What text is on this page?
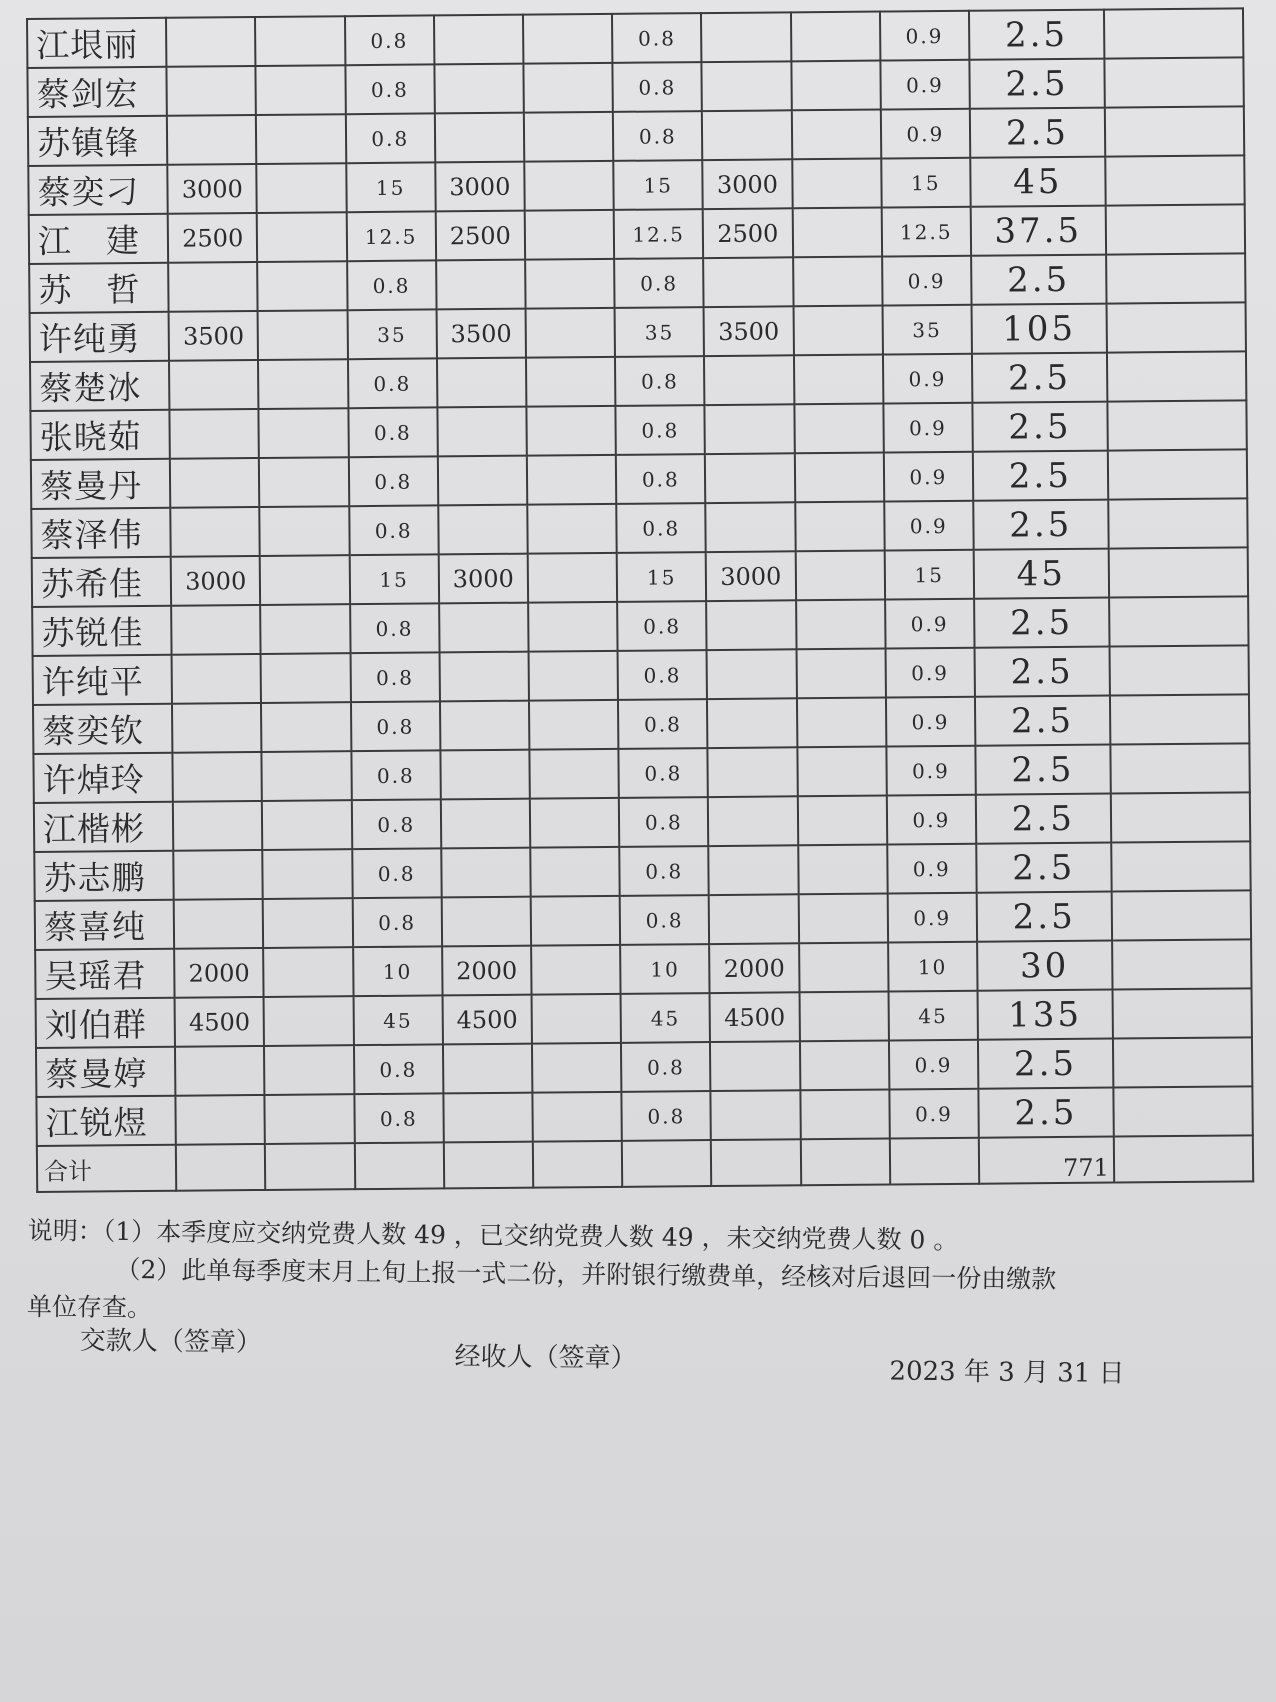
江垠丽			0.8			0.8			0.9	2.5	
蔡剑宏			0.8			0.8			0.9	2.5	
苏镇锋			0.8			0.8			0.9	2.5	
蔡奕刁	3000		15	3000		15	3000		15	45	
江　建	2500		12.5	2500		12.5	2500		12.5	37.5	
苏　哲			0.8			0.8			0.9	2.5	
许纯勇	3500		35	3500		35	3500		35	105	
蔡楚冰			0.8			0.8			0.9	2.5	
张晓茹			0.8			0.8			0.9	2.5	
蔡曼丹			0.8			0.8			0.9	2.5	
蔡泽伟			0.8			0.8			0.9	2.5	
苏希佳	3000		15	3000		15	3000		15	45	
苏锐佳			0.8			0.8			0.9	2.5	
许纯平			0.8			0.8			0.9	2.5	
蔡奕钦			0.8			0.8			0.9	2.5	
许焯玲			0.8			0.8			0.9	2.5	
江楷彬			0.8			0.8			0.9	2.5	
苏志鹏			0.8			0.8			0.9	2.5	
蔡喜纯			0.8			0.8			0.9	2.5	
吴瑶君	2000		10	2000		10	2000		10	30	
刘伯群	4500		45	4500		45	4500		45	135	
蔡曼婷			0.8			0.8			0.9	2.5	
江锐煜			0.8			0.8			0.9	2.5	
合计										771	
说明：（1）本季度应交纳党费人数 49 ，已交纳党费人数 49 ，未交纳党费人数 0 。
（2）此单每季度末月上旬上报一式二份，并附银行缴费单，经核对后退回一份由缴款
单位存查。
交款人（签章）	经收人（签章）	2023 年 3 月 31 日
